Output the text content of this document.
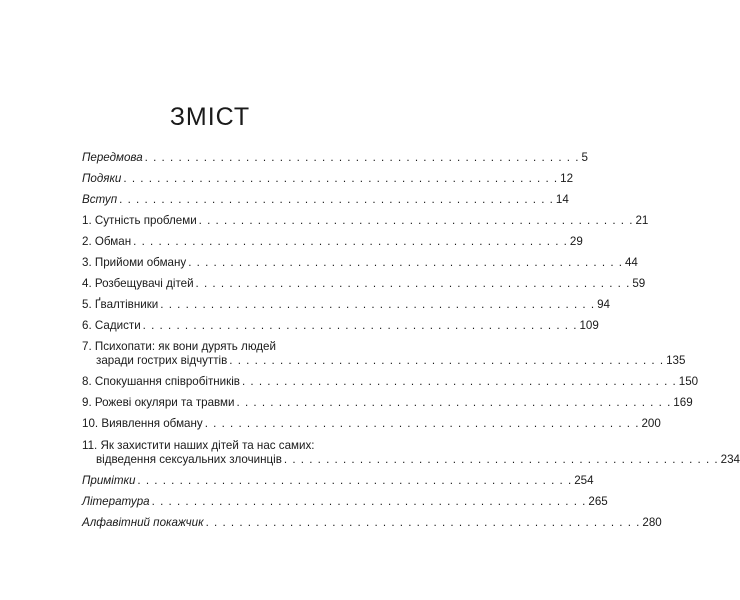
ЗМІСТ
Передмова . . . . . . . . . . . . . . . . . . . . . . . . . . . . . . . . . . . . . . . . . . . . . . . . . . . . 5
Подяки . . . . . . . . . . . . . . . . . . . . . . . . . . . . . . . . . . . . . . . . . . . . . . . . . . . . 12
Вступ . . . . . . . . . . . . . . . . . . . . . . . . . . . . . . . . . . . . . . . . . . . . . . . . . . . . 14
1. Сутність проблеми . . . . . . . . . . . . . . . . . . . . . . . . . . . . . . . . . . . . . . . . . . . . . . . . . . . . 21
2. Обман . . . . . . . . . . . . . . . . . . . . . . . . . . . . . . . . . . . . . . . . . . . . . . . . . . . . 29
3. Прийоми обману . . . . . . . . . . . . . . . . . . . . . . . . . . . . . . . . . . . . . . . . . . . . . . . . . . . . 44
4. Розбещувачі дітей . . . . . . . . . . . . . . . . . . . . . . . . . . . . . . . . . . . . . . . . . . . . . . . . . . . . 59
5. Ґвалтівники . . . . . . . . . . . . . . . . . . . . . . . . . . . . . . . . . . . . . . . . . . . . . . . . . . . . 94
6. Садисти . . . . . . . . . . . . . . . . . . . . . . . . . . . . . . . . . . . . . . . . . . . . . . . . . . . . 109
7. Психопати: як вони дурять людей
заради гострих відчуттів . . . . . . . . . . . . . . . . . . . . . . . . . . . . . . . . . . . . . . . . . . . . . . . . . . . . 135
8. Спокушання співробітників . . . . . . . . . . . . . . . . . . . . . . . . . . . . . . . . . . . . . . . . . . . . . . . . . . . . 150
9. Рожеві окуляри та травми . . . . . . . . . . . . . . . . . . . . . . . . . . . . . . . . . . . . . . . . . . . . . . . . . . . . 169
10. Виявлення обману . . . . . . . . . . . . . . . . . . . . . . . . . . . . . . . . . . . . . . . . . . . . . . . . . . . . 200
11. Як захистити наших дітей та нас самих:
відведення сексуальних злочинців . . . . . . . . . . . . . . . . . . . . . . . . . . . . . . . . . . . . . . . . . . . . . . . . . . . . 234
Примітки . . . . . . . . . . . . . . . . . . . . . . . . . . . . . . . . . . . . . . . . . . . . . . . . . . . . 254
Література . . . . . . . . . . . . . . . . . . . . . . . . . . . . . . . . . . . . . . . . . . . . . . . . . . . . 265
Алфавітний покажчик . . . . . . . . . . . . . . . . . . . . . . . . . . . . . . . . . . . . . . . . . . . . . . . . . . . . 280
